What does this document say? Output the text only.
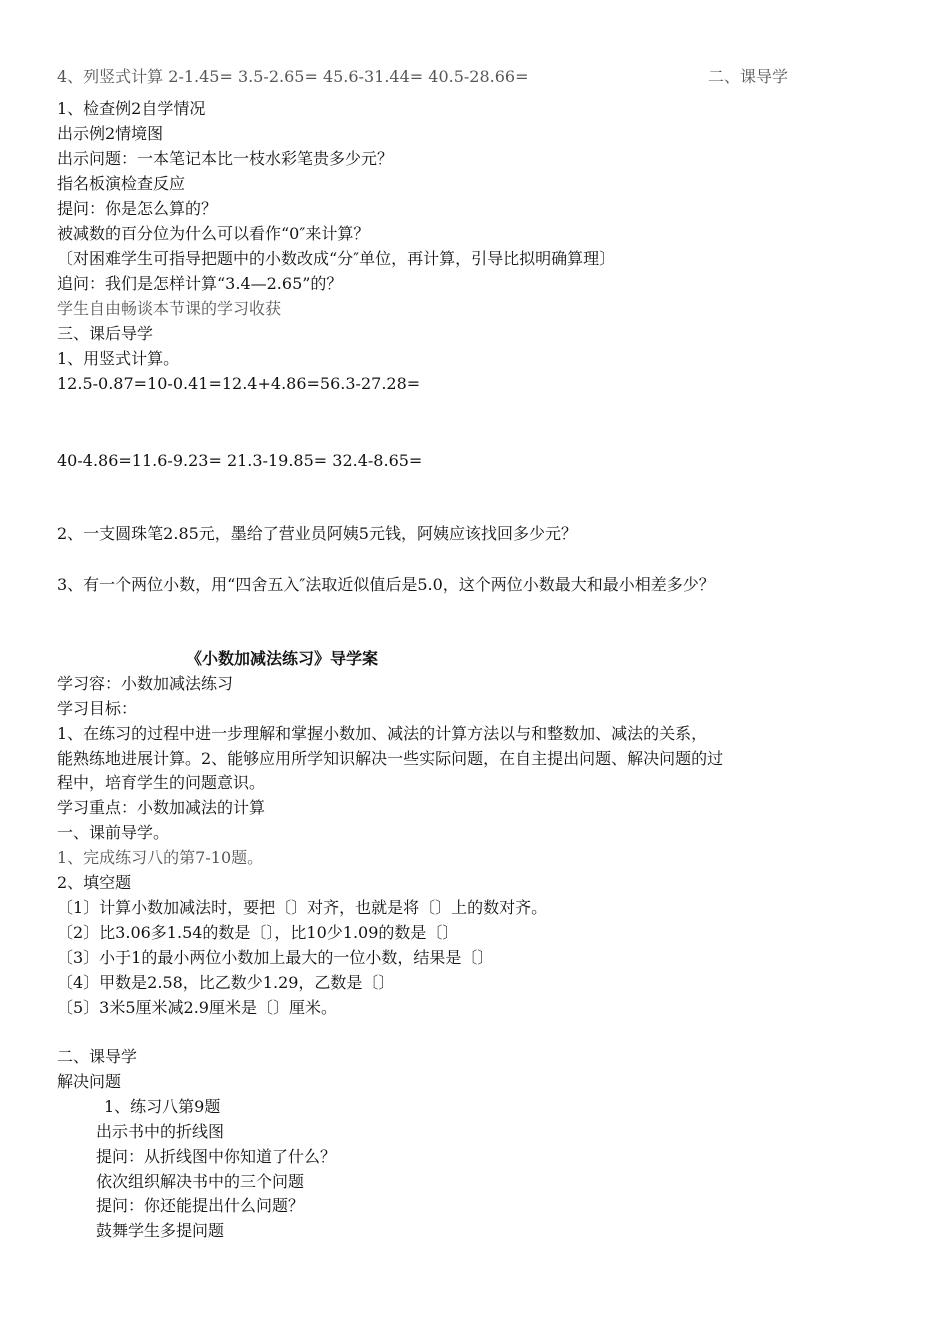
4、列竖式计算 2-1.45= 3.5-2.65= 45.6-31.44= 40.5-28.66=	二、课导学
1、检查例2自学情况
出示例2情境图
出示问题：一本笔记本比一枝水彩笔贵多少元？
指名板演检查反应
提问：你是怎么算的？
被减数的百分位为什么可以看作“0″来计算？
〔对困难学生可指导把题中的小数改成“分″单位，再计算，引导比拟明确算理〕
追问：我们是怎样计算“3.4—2.65”的？
学生自由畅谈本节课的学习收获
三、课后导学
1、用竖式计算。
12.5-0.87=10-0.41=12.4+4.86=56.3-27.28=
40-4.86=11.6-9.23= 21.3-19.85= 32.4-8.65=
2、一支圆珠笔2.85元，墨给了营业员阿姨5元钱，阿姨应该找回多少元？
3、有一个两位小数，用“四舍五入″法取近似值后是5.0，这个两位小数最大和最小相差多少？
《小数加减法练习》导学案
学习容：小数加减法练习
学习目标：
1、在练习的过程中进一步理解和掌握小数加、减法的计算方法以与和整数加、减法的关系，
能熟练地进展计算。2、能够应用所学知识解决一些实际问题，在自主提出问题、解决问题的过
程中，培育学生的问题意识。
学习重点：小数加减法的计算
一、课前导学。
1、完成练习八的第7-10题。
2、填空题
〔1〕计算小数加减法时，要把〔〕对齐，也就是将〔〕上的数对齐。
〔2〕比3.06多1.54的数是〔〕，比10少1.09的数是〔〕
〔3〕小于1的最小两位小数加上最大的一位小数，结果是〔〕
〔4〕甲数是2.58，比乙数少1.29，乙数是〔〕
〔5〕3米5厘米减2.9厘米是〔〕厘米。
二、课导学
解决问题
1、练习八第9题
出示书中的折线图
提问：从折线图中你知道了什么？
依次组织解决书中的三个问题
提问：你还能提出什么问题？
鼓舞学生多提问题
